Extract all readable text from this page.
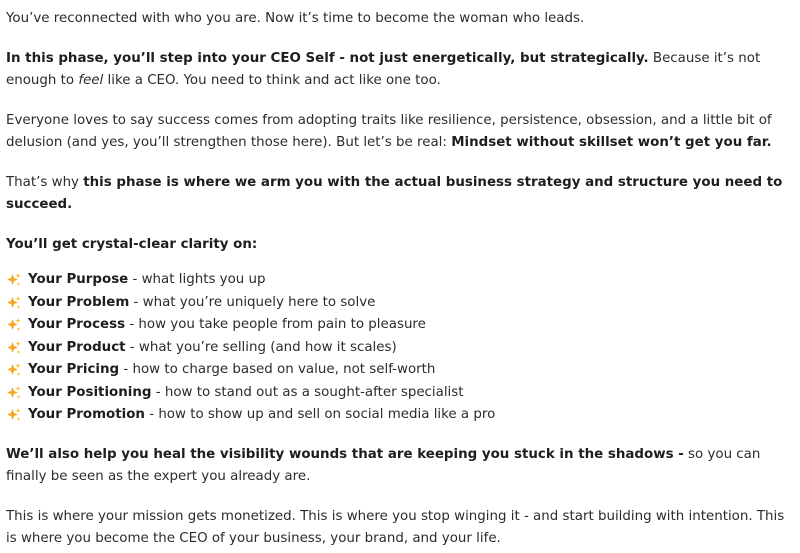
You’ve reconnected with who you are. Now it’s time to become the woman who leads.

In this phase, you’ll step into your CEO Self - not just energetically, but strategically. Because it’s not enough to feel like a CEO. You need to think and act like one too.

Everyone loves to say success comes from adopting traits like resilience, persistence, obsession, and a little bit of delusion (and yes, you’ll strengthen those here). But let’s be real: Mindset without skillset won’t get you far.

That’s why this phase is where we arm you with the actual business strategy and structure you need to succeed.

You’ll get crystal-clear clarity on:

Your Purpose - what lights you up
Your Problem - what you’re uniquely here to solve
Your Process - how you take people from pain to pleasure
Your Product - what you’re selling (and how it scales)
Your Pricing - how to charge based on value, not self-worth
Your Positioning - how to stand out as a sought-after specialist
Your Promotion - how to show up and sell on social media like a pro

We’ll also help you heal the visibility wounds that are keeping you stuck in the shadows - so you can finally be seen as the expert you already are.

This is where your mission gets monetized. This is where you stop winging it - and start building with intention. This is where you become the CEO of your business, your brand, and your life.
